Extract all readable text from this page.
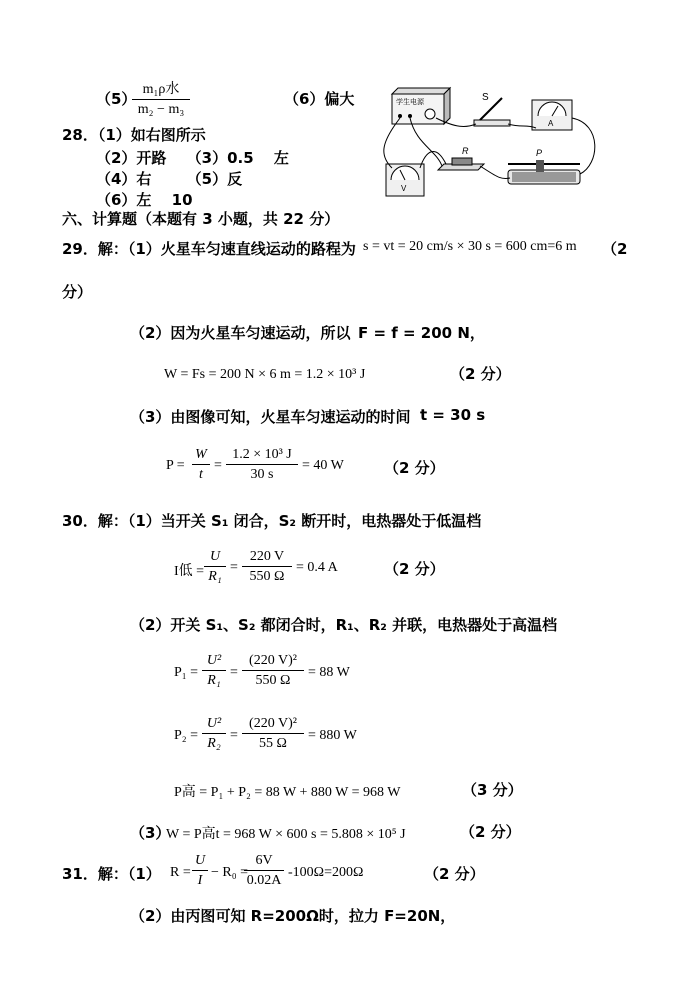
（5）
m₁ρ水
m₂ − m₃
（6）偏大
28．（1）如右图所示
（2）开路　 （3）0.5　 左
（4）右　　 （5）反
（6）左　 10
学生电源	S
A
R	P
V
六、计算题（本题有 3 小题，共 22 分）
29．解：（1）火星车匀速直线运动的路程为 s = vt = 20 cm/s × 30 s = 600 cm=6 m （2
分）
（2）因为火星车匀速运动，所以 F = f = 200 N，
W = Fs = 200 N × 6 m = 1.2 × 10³ J	（2 分）
（3）由图像可知，火星车匀速运动的时间 t = 30 s
$P = \frac{W}{t} = \frac{\text{1.2 × 10³ J}}{30 s} = 40$ W	（2 分）
30．解：（1）当开关 S₁ 闭合，S₂ 断开时，电热器处于低温档
I低 = $\frac{U}{\text{R₁}} = \frac{220 V}{550 \Omega} = 0.4$ A	（2 分）
（2）开关 S₁、S₂ 都闭合时，R₁、R₂ 并联，电热器处于高温档
$P_1 = \frac{\text{U²}}{\text{R₁}} = \frac{\text{(220 V)²}}{550 \Omega} = 88$ W
$P_2 = \frac{\text{U²}}{\text{R₂}} = \frac{\text{(220 V)²}}{55 \Omega} = 880$ W
P高 = P₁ + P₂ = 88 W + 880 W = 968 W	（3 分）
（3）
W = P高t = 968 W × 600 s = 5.808 × 10⁵ J	（2 分）
31．解：（1） $R = \frac{U}{I} - R_0$ =
$\frac{6V}{0.02A} -100\Omega=200\Omega$	（2 分）
（2）由丙图可知 R=200Ω时，拉力 F=20N，
